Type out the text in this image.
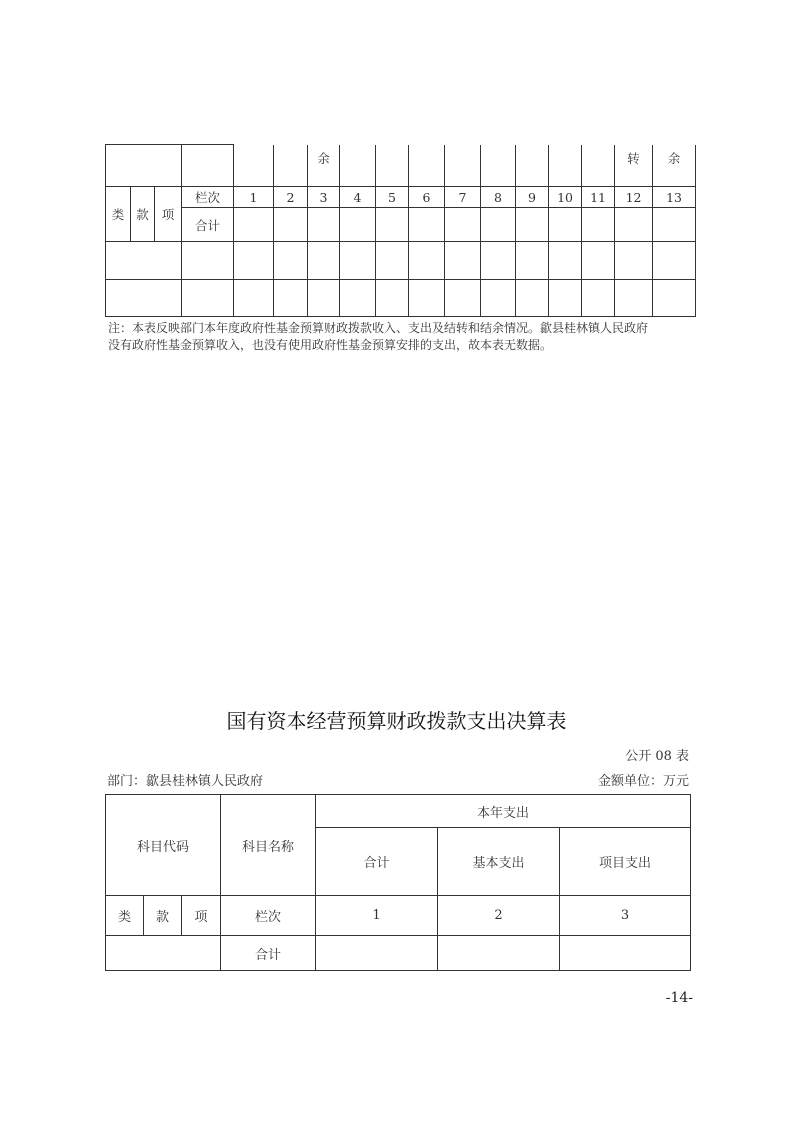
						余									转	余
类	款	项	栏次	1	2	3	4	5	6	7	8	9	10	11	12	13
			合计													

注：本表反映部门本年度政府性基金预算财政拨款收入、支出及结转和结余情况。歙县桂林镇人民政府
没有政府性基金预算收入，也没有使用政府性基金预算安排的支出，故本表无数据。
国有资本经营预算财政拨款支出决算表
公开 08 表
部门：歙县桂林镇人民政府	金额单位：万元
科目代码			科目名称	本年支出		
				合计	基本支出	项目支出
类	款	项	栏次	1	2	3
			合计			
-14-
